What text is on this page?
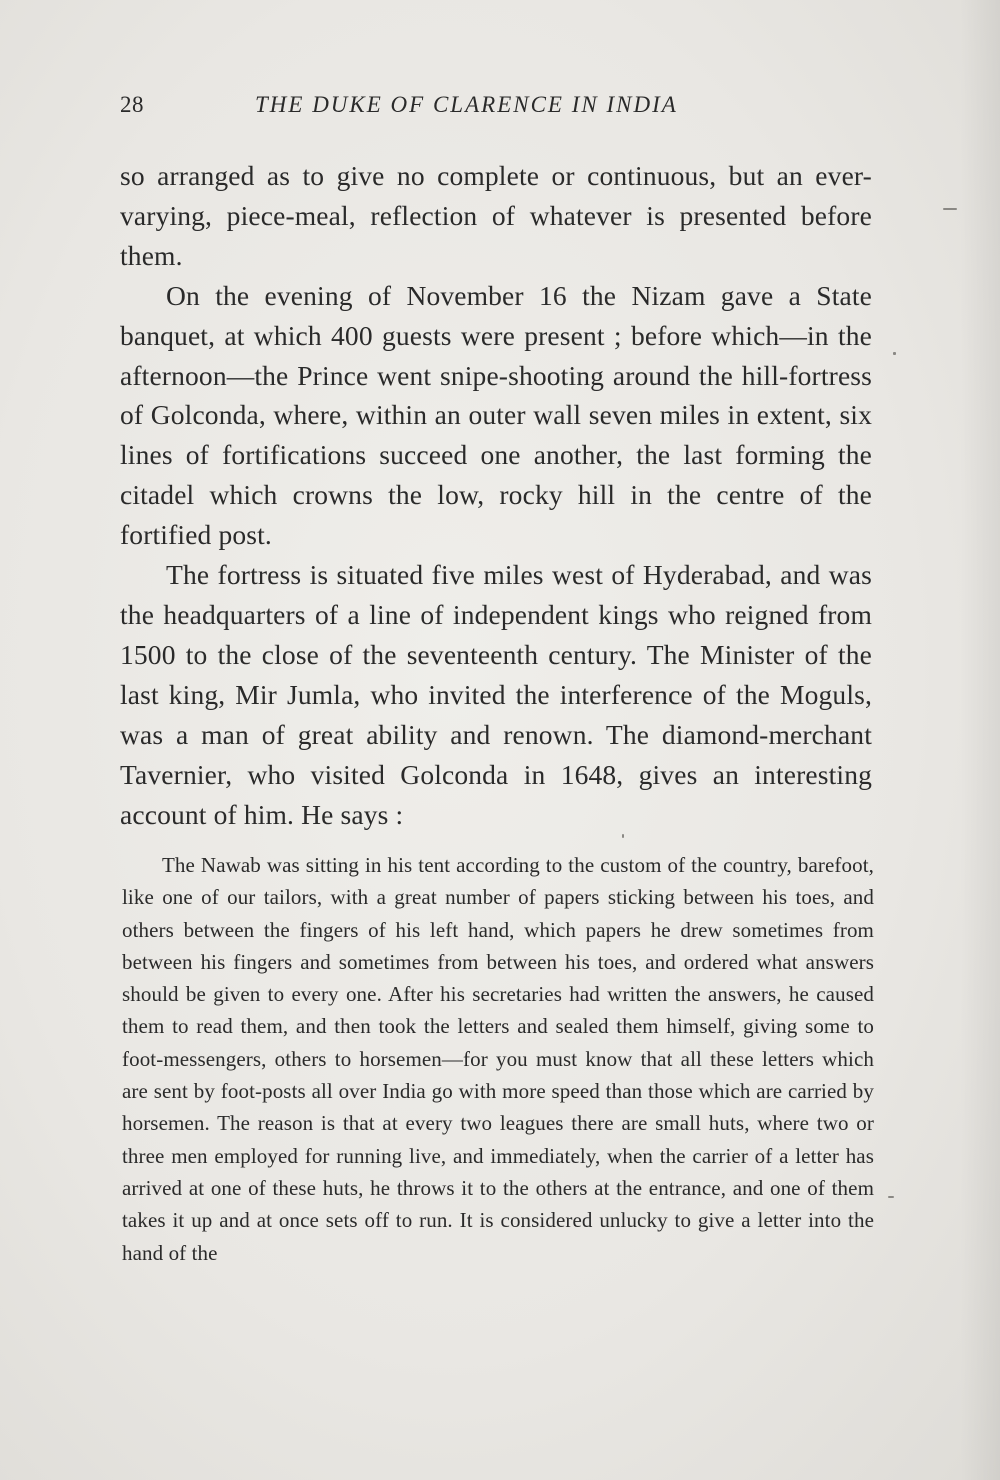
28	THE DUKE OF CLARENCE IN INDIA

so arranged as to give no complete or continuous, but an ever-varying, piece-meal, reflection of whatever is presented before them.

On the evening of November 16 the Nizam gave a State banquet, at which 400 guests were present ; before which—in the afternoon—the Prince went snipe-shooting around the hill-fortress of Golconda, where, within an outer wall seven miles in extent, six lines of fortifications succeed one another, the last forming the citadel which crowns the low, rocky hill in the centre of the fortified post.

The fortress is situated five miles west of Hyderabad, and was the headquarters of a line of independent kings who reigned from 1500 to the close of the seventeenth century. The Minister of the last king, Mir Jumla, who invited the interference of the Moguls, was a man of great ability and renown. The diamond-merchant Tavernier, who visited Golconda in 1648, gives an interesting account of him. He says :

The Nawab was sitting in his tent according to the custom of the country, barefoot, like one of our tailors, with a great number of papers sticking between his toes, and others between the fingers of his left hand, which papers he drew sometimes from between his fingers and sometimes from between his toes, and ordered what answers should be given to every one. After his secretaries had written the answers, he caused them to read them, and then took the letters and sealed them himself, giving some to foot-messengers, others to horsemen—for you must know that all these letters which are sent by foot-posts all over India go with more speed than those which are carried by horsemen. The reason is that at every two leagues there are small huts, where two or three men employed for running live, and immediately, when the carrier of a letter has arrived at one of these huts, he throws it to the others at the entrance, and one of them takes it up and at once sets off to run. It is considered unlucky to give a letter into the hand of the
